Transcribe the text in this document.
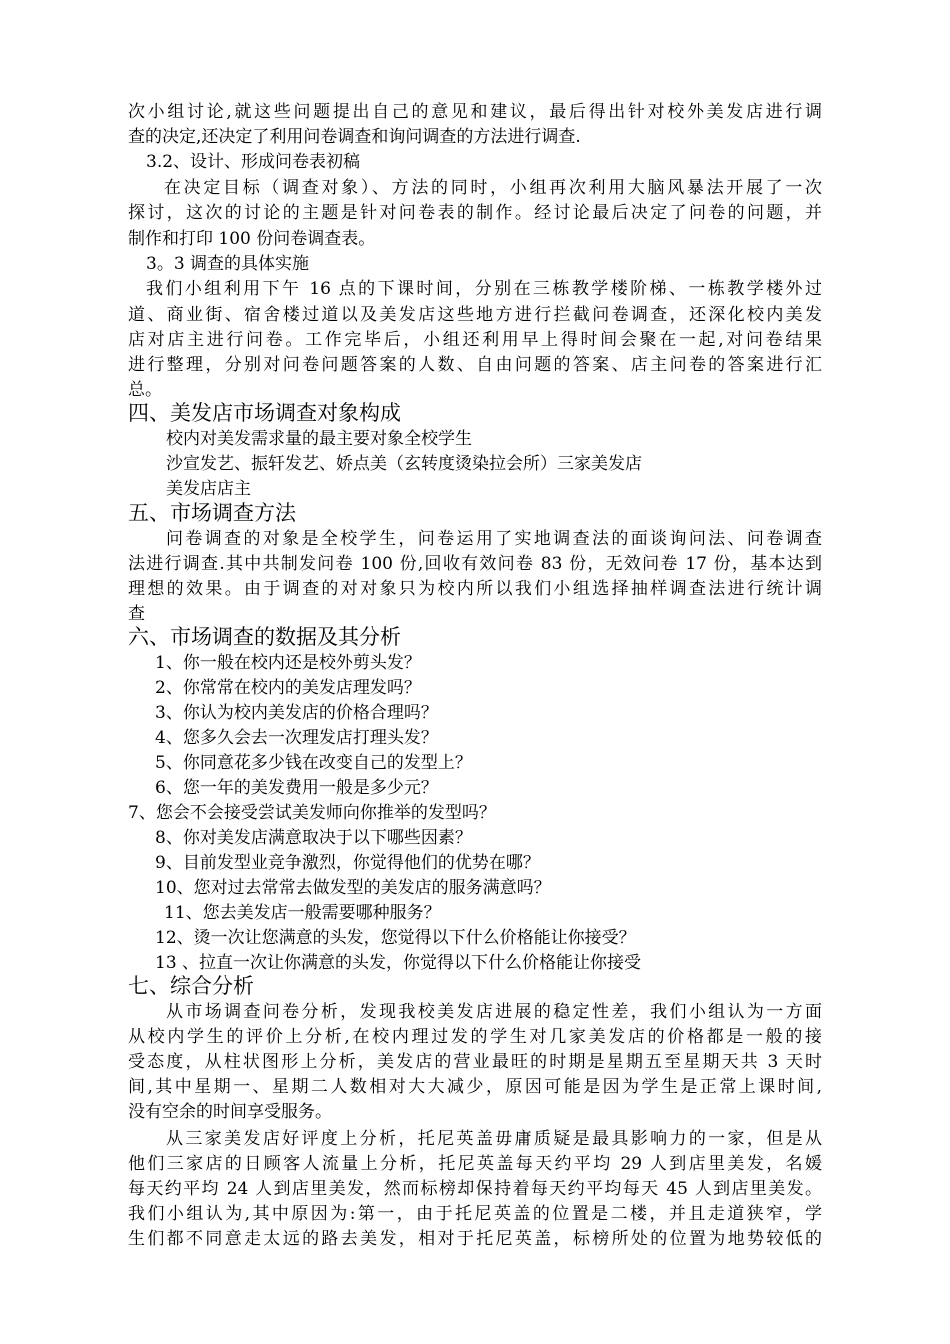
次小组讨论,就这些问题提出自己的意见和建议，最后得出针对校外美发店进行调
查的决定,还决定了利用问卷调查和询问调查的方法进行调查.
3.2、设计、形成问卷表初稿
在决定目标（调查对象）、方法的同时，小组再次利用大脑风暴法开展了一次
探讨，这次的讨论的主题是针对问卷表的制作。经讨论最后决定了问卷的问题，并
制作和打印 100 份问卷调查表。
3。3 调查的具体实施
我们小组利用下午 16 点的下课时间，分别在三栋教学楼阶梯、一栋教学楼外过
道、商业街、宿舍楼过道以及美发店这些地方进行拦截问卷调查，还深化校内美发
店对店主进行问卷。工作完毕后，小组还利用早上得时间会聚在一起,对问卷结果
进行整理，分别对问卷问题答案的人数、自由问题的答案、店主问卷的答案进行汇
总。
四、美发店市场调查对象构成
校内对美发需求量的最主要对象全校学生
沙宣发艺、振轩发艺、娇点美（玄转度烫染拉会所）三家美发店
美发店店主
五、市场调查方法
问卷调查的对象是全校学生，问卷运用了实地调查法的面谈询问法、问卷调查
法进行调查.其中共制发问卷 100 份,回收有效问卷 83 份，无效问卷 17 份，基本达到
理想的效果。由于调查的对对象只为校内所以我们小组选择抽样调查法进行统计调
查
六、市场调查的数据及其分析
1、你一般在校内还是校外剪头发？
2、你常常在校内的美发店理发吗？
3、你认为校内美发店的价格合理吗？
4、您多久会去一次理发店打理头发？
5、你同意花多少钱在改变自己的发型上？
6、您一年的美发费用一般是多少元？
7、您会不会接受尝试美发师向你推举的发型吗？
8、你对美发店满意取决于以下哪些因素？
9、目前发型业竞争激烈，你觉得他们的优势在哪？
10、您对过去常常去做发型的美发店的服务满意吗？
11、您去美发店一般需要哪种服务？
12、烫一次让您满意的头发，您觉得以下什么价格能让你接受？
13 、拉直一次让你满意的头发，你觉得以下什么价格能让你接受
七、综合分析
从市场调查问卷分析，发现我校美发店进展的稳定性差，我们小组认为一方面
从校内学生的评价上分析,在校内理过发的学生对几家美发店的价格都是一般的接
受态度，从柱状图形上分析，美发店的营业最旺的时期是星期五至星期天共 3 天时
间,其中星期一、星期二人数相对大大减少，原因可能是因为学生是正常上课时间,
没有空余的时间享受服务。
从三家美发店好评度上分析，托尼英盖毋庸质疑是最具影响力的一家，但是从
他们三家店的日顾客人流量上分析，托尼英盖每天约平均 29 人到店里美发，名媛
每天约平均 24 人到店里美发，然而标榜却保持着每天约平均每天 45 人到店里美发。
我们小组认为,其中原因为:第一，由于托尼英盖的位置是二楼，并且走道狭窄，学
生们都不同意走太远的路去美发，相对于托尼英盖，标榜所处的位置为地势较低的
